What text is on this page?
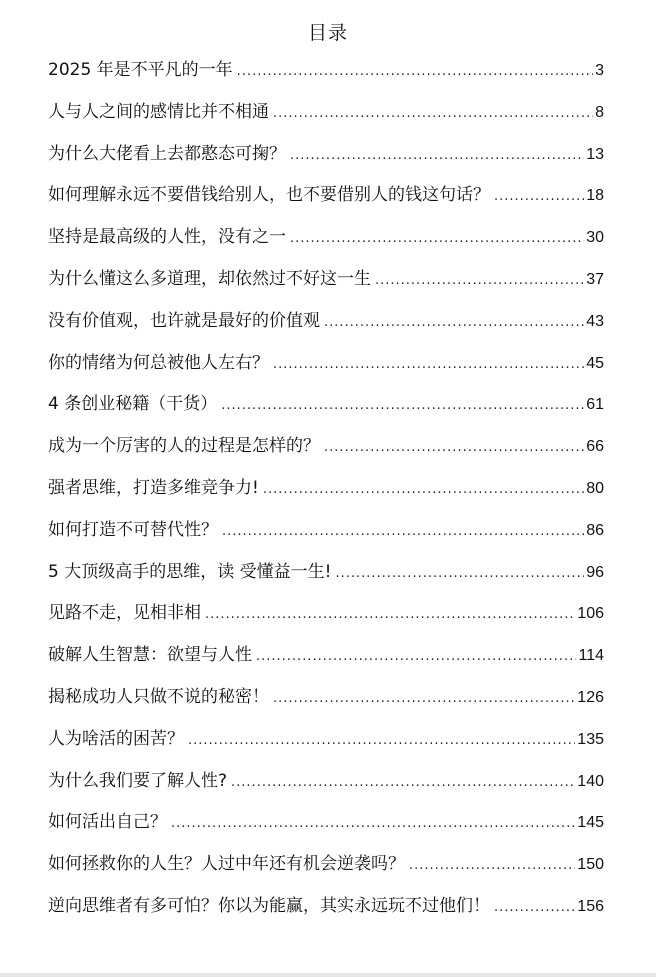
目录
2025 年是不平凡的一年 .....	3
人与人之间的感情比并不相通 .....	8
为什么大佬看上去都憨态可掬？ .....	13
如何理解永远不要借钱给别人，也不要借别人的钱这句话？ .....	18
坚持是最高级的人性，没有之一 .....	30
为什么懂这么多道理，却依然过不好这一生 .....	37
没有价值观，也许就是最好的价值观 .....	43
你的情绪为何总被他人左右？ .....	45
4 条创业秘籍（干货） .....	61
成为一个厉害的人的过程是怎样的？ .....	66
强者思维，打造多维竞争力! .....	80
如何打造不可替代性？ .....	86
5 大顶级高手的思维，读 受懂益一生! .....	96
见路不走，见相非相 .....	106
破解人生智慧：欲望与人性 .....	114
揭秘成功人只做不说的秘密！ .....	126
人为啥活的困苦？ .....	135
为什么我们要了解人性? .....	140
如何活出自己？ .....	145
如何拯救你的人生？人过中年还有机会逆袭吗？ .....	150
逆向思维者有多可怕？你以为能赢，其实永远玩不过他们！ .....	156
